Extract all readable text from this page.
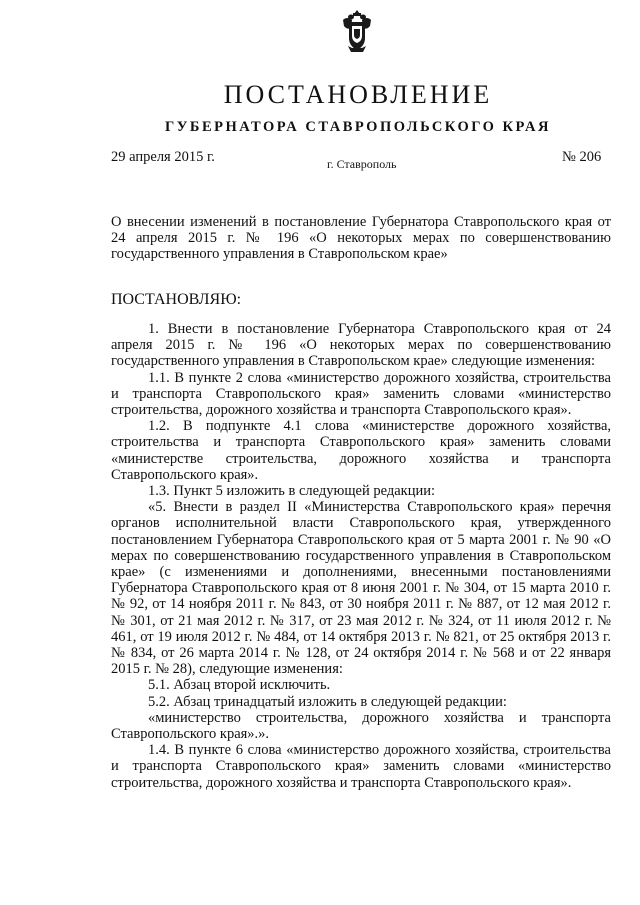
ПОСТАНОВЛЕНИЕ
ГУБЕРНАТОРА СТАВРОПОЛЬСКОГО КРАЯ
29 апреля 2015 г.	г. Ставрополь	№ 206

О внесении изменений в постановление Губернатора Ставропольского края от 24 апреля 2015 г. № 196 «О некоторых мерах по совершенствованию государственного управления в Ставропольском крае»

ПОСТАНОВЛЯЮ:

1. Внести в постановление Губернатора Ставропольского края от 24 апреля 2015 г. № 196 «О некоторых мерах по совершенствованию государственного управления в Ставропольском крае» следующие изменения:

1.1. В пункте 2 слова «министерство дорожного хозяйства, строительства и транспорта Ставропольского края» заменить словами «министерство строительства, дорожного хозяйства и транспорта Ставропольского края».

1.2. В подпункте 4.1 слова «министерстве дорожного хозяйства, строительства и транспорта Ставропольского края» заменить словами «министерстве строительства, дорожного хозяйства и транспорта Ставропольского края».

1.3. Пункт 5 изложить в следующей редакции:

«5. Внести в раздел II «Министерства Ставропольского края» перечня органов исполнительной власти Ставропольского края, утвержденного постановлением Губернатора Ставропольского края от 5 марта 2001 г. № 90 «О мерах по совершенствованию государственного управления в Ставропольском крае» (с изменениями и дополнениями, внесенными постановлениями Губернатора Ставропольского края от 8 июня 2001 г. № 304, от 15 марта 2010 г. № 92, от 14 ноября 2011 г. № 843, от 30 ноября 2011 г. № 887, от 12 мая 2012 г. № 301, от 21 мая 2012 г. № 317, от 23 мая 2012 г. № 324, от 11 июля 2012 г. № 461, от 19 июля 2012 г. № 484, от 14 октября 2013 г. № 821, от 25 октября 2013 г. № 834, от 26 марта 2014 г. № 128, от 24 октября 2014 г. № 568 и от 22 января 2015 г. № 28), следующие изменения:

5.1. Абзац второй исключить.

5.2. Абзац тринадцатый изложить в следующей редакции:

«министерство строительства, дорожного хозяйства и транспорта Ставропольского края».».

1.4. В пункте 6 слова «министерство дорожного хозяйства, строительства и транспорта Ставропольского края» заменить словами «министерство строительства, дорожного хозяйства и транспорта Ставропольского края».
